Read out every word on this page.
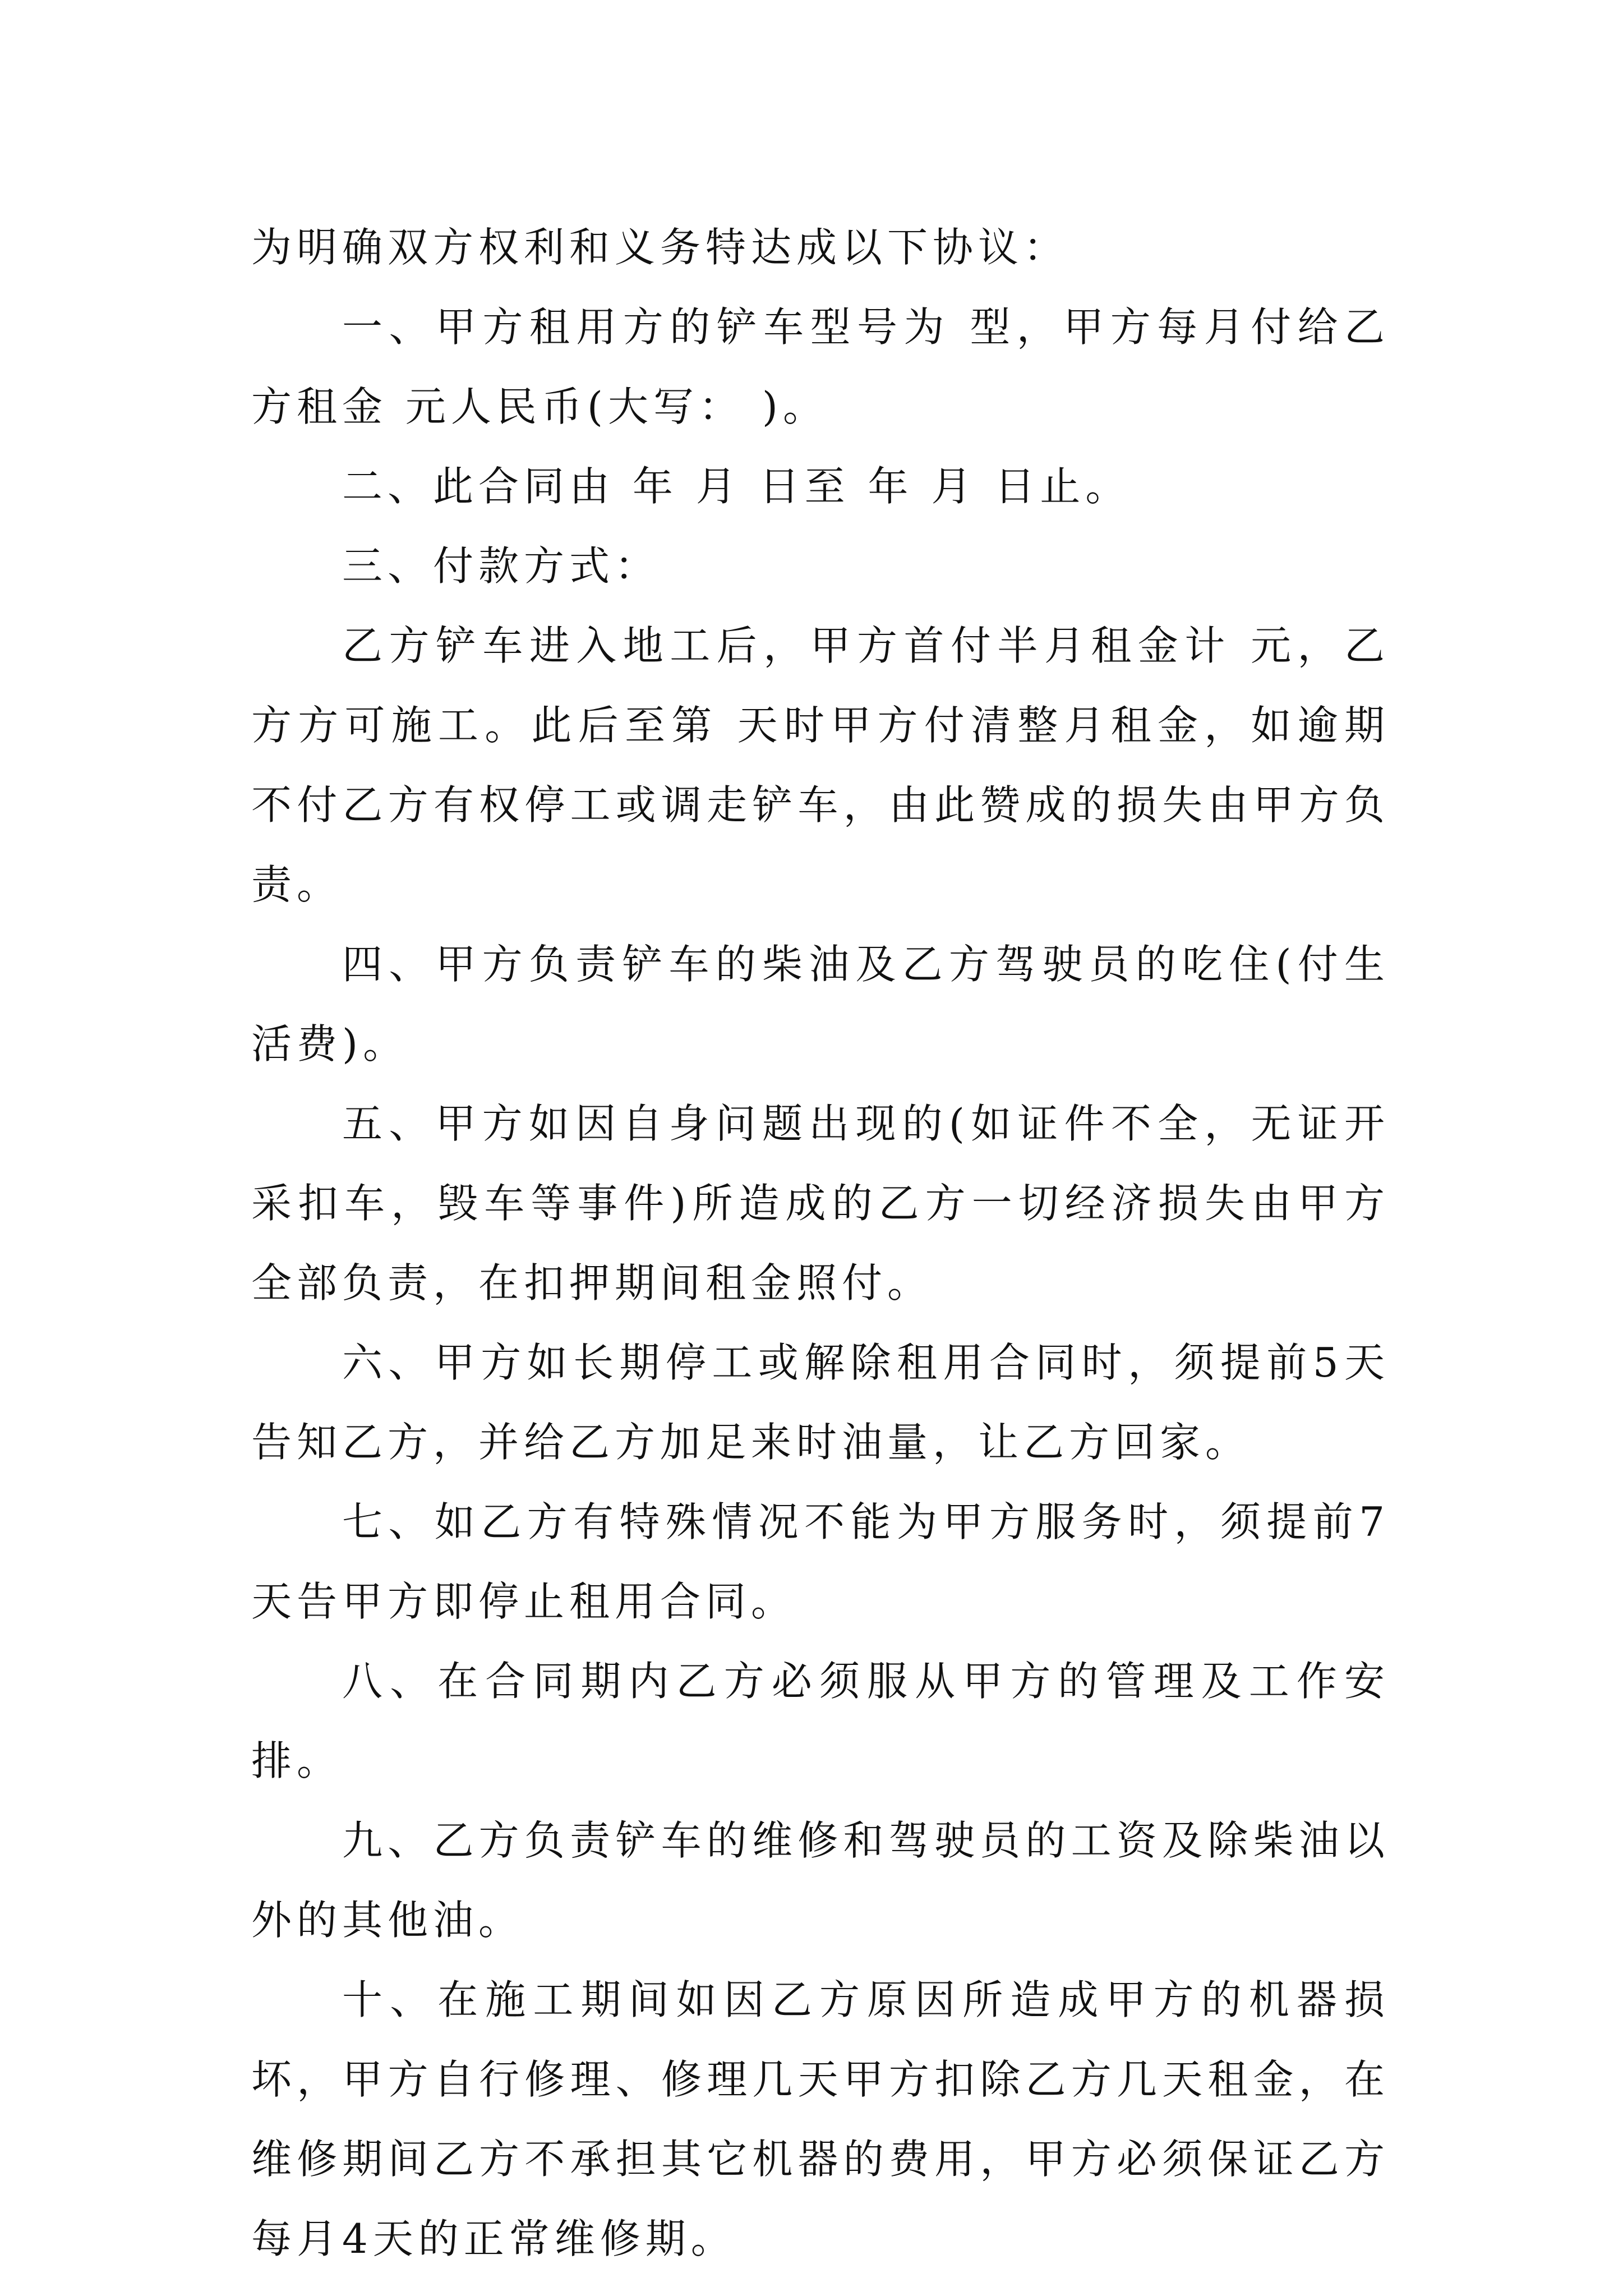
为明确双方权利和义务特达成以下协议：

一、甲方租用方的铲车型号为 型，甲方每月付给乙方租金 元人民币(大写： )。

二、此合同由 年 月 日至 年 月 日止。

三、付款方式：

乙方铲车进入地工后，甲方首付半月租金计 元，乙方方可施工。此后至第 天时甲方付清整月租金，如逾期不付乙方有权停工或调走铲车，由此赞成的损失由甲方负责。

四、甲方负责铲车的柴油及乙方驾驶员的吃住(付生活费)。

五、甲方如因自身问题出现的(如证件不全，无证开采扣车，毁车等事件)所造成的乙方一切经济损失由甲方全部负责，在扣押期间租金照付。

六、甲方如长期停工或解除租用合同时，须提前5天告知乙方，并给乙方加足来时油量，让乙方回家。

七、如乙方有特殊情况不能为甲方服务时，须提前7天告甲方即停止租用合同。

八、在合同期内乙方必须服从甲方的管理及工作安排。

九、乙方负责铲车的维修和驾驶员的工资及除柴油以外的其他油。

十、在施工期间如因乙方原因所造成甲方的机器损坏，甲方自行修理、修理几天甲方扣除乙方几天租金，在维修期间乙方不承担其它机器的费用，甲方必须保证乙方每月4天的正常维修期。
